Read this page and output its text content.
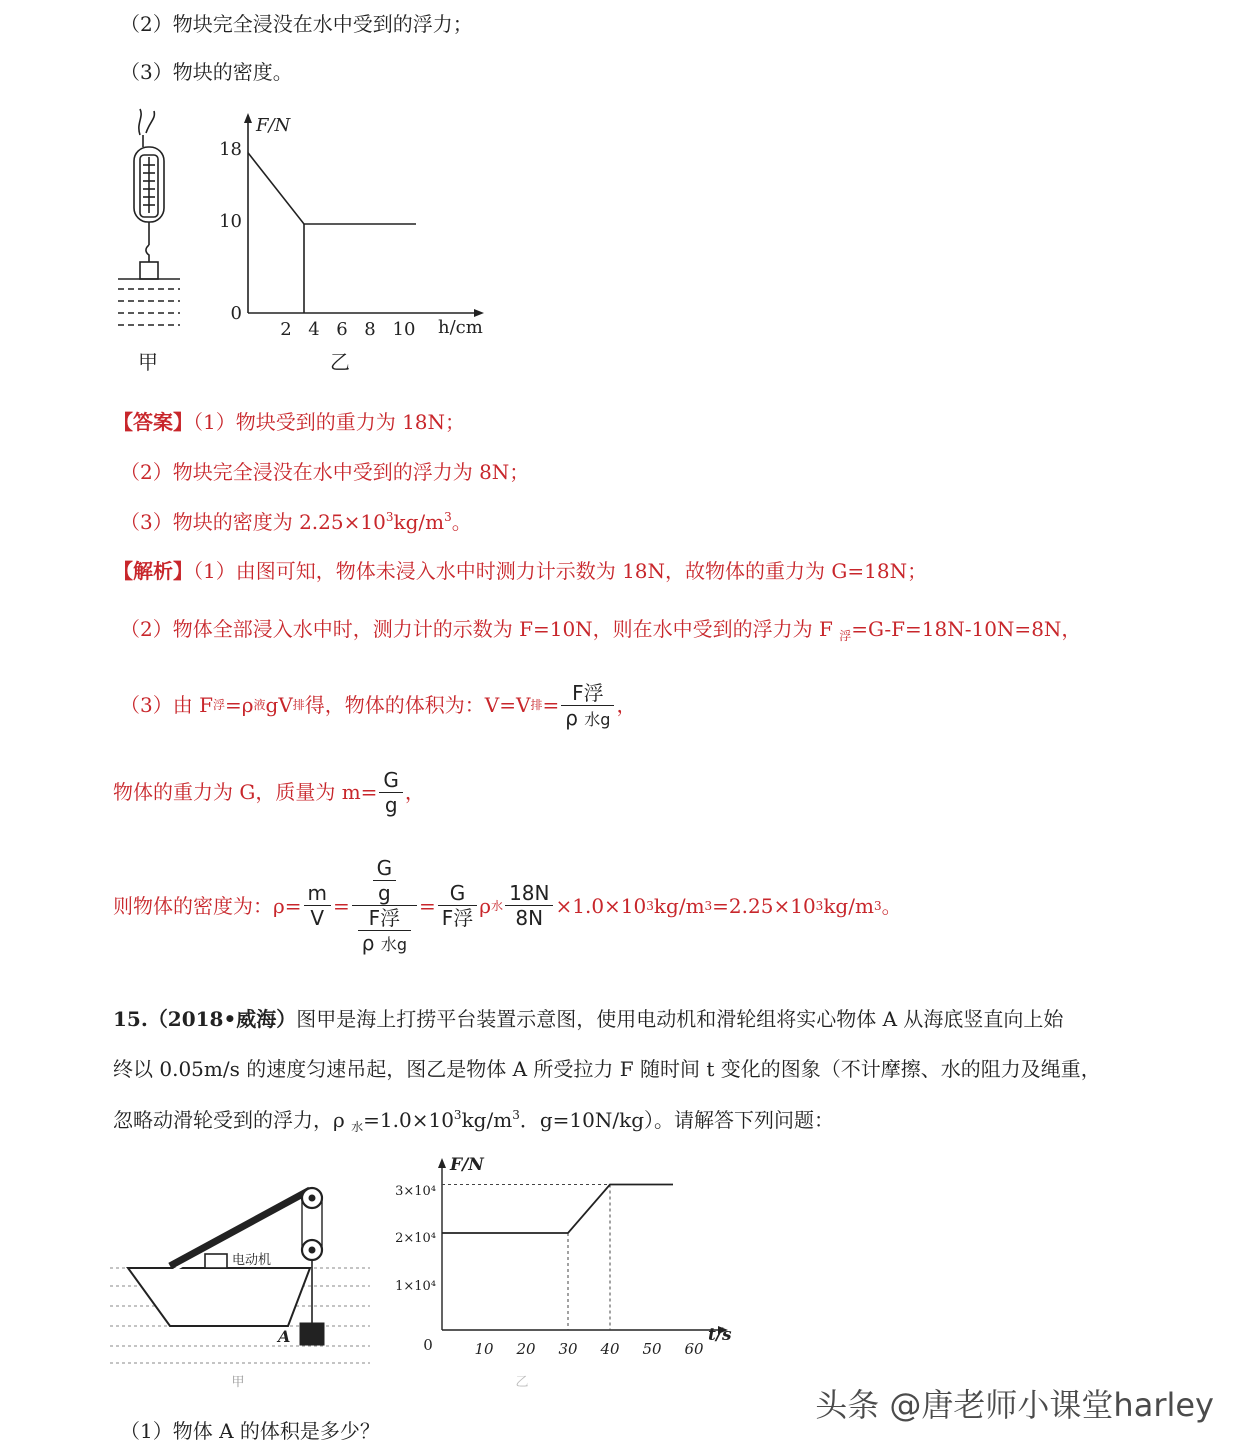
（2）物块完全浸没在水中受到的浮力；
（3）物块的密度。
甲
F/N
h/cm
18
10
0
2 4 6 8 10
乙
【答案】（1）物块受到的重力为 18N；
（2）物块完全浸没在水中受到的浮力为 8N；
（3）物块的密度为 $2.25\times 10^3kg/m^3$。
【解析】（1）由图可知，物体未浸入水中时测力计示数为 18N，故物体的重力为 G=18N；
（2）物体全部浸入水中时，测力计的示数为 F=10N，则在水中受到的浮力为 F $_浮$=G-F=18N-10N=8N，
（3）由 F 浮 =ρ 液 gV 排 得，物体的体积为：V=V 排 = $\frac{\text{F浮}}{\text{ρ 水g}}$ ，
物体的重力为 G，质量为 $m= \frac{G}{g}$ ，
则物体的密度为：$\rho= \frac{m}{V} = \frac{\frac{G}{g}}{\frac{\text{F浮}}{\text{ρ 水g}}} = \frac{G}{\text{F浮}}$ ρ 水 $\frac{18N}{8N} \times 1.0\times 10$ 3 kg/m 3 =2.25×10 3 kg/m 3 。
15.（2018•威海）图甲是海上打捞平台装置示意图，使用电动机和滑轮组将实心物体 A 从海底竖直向上始
终以 0.05m/s 的速度匀速吊起，图乙是物体 A 所受拉力 F 随时间 t 变化的图象（不计摩擦、水的阻力及绳重，
忽略动滑轮受到的浮力，ρ $_水=1.0\times 10^3kg/m^3$．g=10N/kg）。请解答下列问题：
电动机
A
甲
F/N
t/s
3×10⁴
2×10⁴
1×10⁴
0	10 20 30 40 50 60
乙
（1）物体 A 的体积是多少？
头条 @唐老师小课堂harley
